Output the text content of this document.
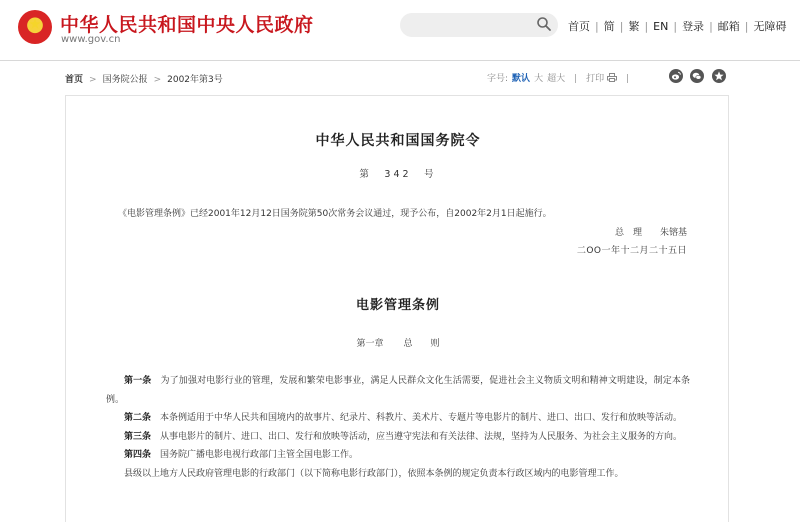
中华人民共和国中央人民政府
www.gov.cn
首页 | 简 | 繁 | EN | 登录 | 邮箱 | 无障碍
首页 > 国务院公报 > 2002年第3号	字号: 默认 大 超大 | 打印 |
中华人民共和国国务院令
第　342　号
《电影管理条例》已经2001年12月12日国务院第50次常务会议通过，现予公布，自2002年2月1日起施行。
总　理　　朱镕基
二OO一年十二月二十五日
电影管理条例
第一章 总　　则

第一条　 为了加强对电影行业的管理，发展和繁荣电影事业，满足人民群众文化生活需要，促进社会主义物质文明和精神文明建设，制定本条例。

第二条　 本条例适用于中华人民共和国境内的故事片、纪录片、科教片、美术片、专题片等电影片的制片、进口、出口、发行和放映等活动。

第三条　 从事电影片的制片、进口、出口、发行和放映等活动，应当遵守宪法和有关法律、法规，坚持为人民服务、为社会主义服务的方向。

第四条　 国务院广播电影电视行政部门主管全国电影工作。

县级以上地方人民政府管理电影的行政部门（以下简称电影行政部门），依照本条例的规定负责本行政区域内的电影管理工作。
